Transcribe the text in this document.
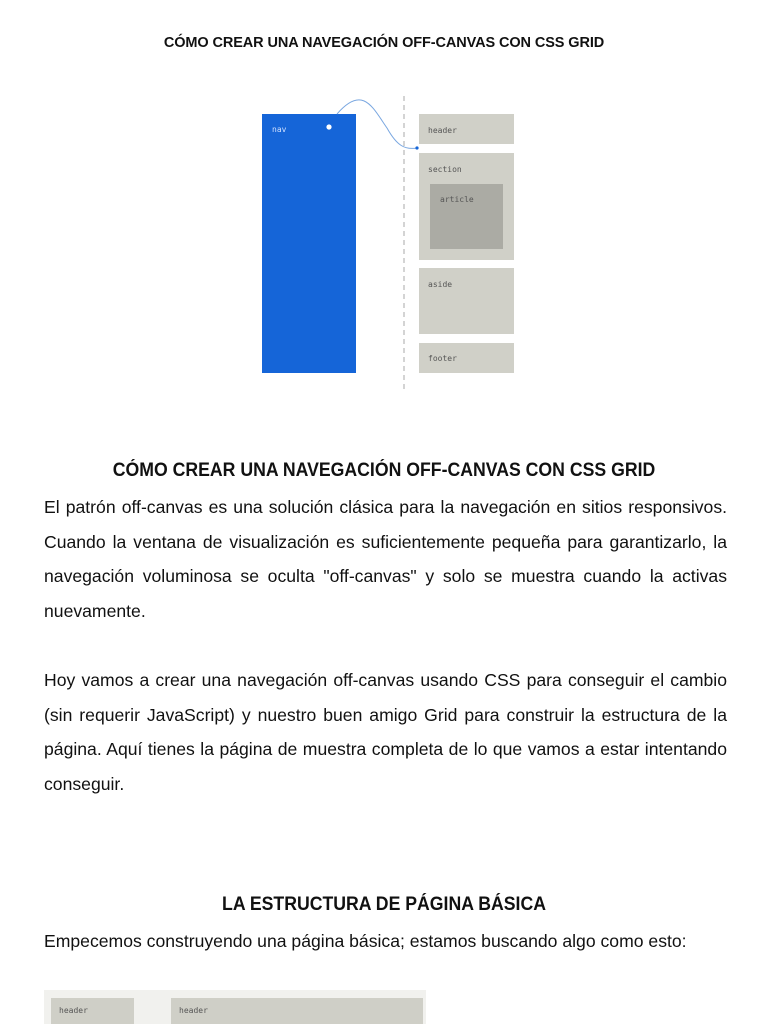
CÓMO CREAR UNA NAVEGACIÓN OFF-CANVAS CON CSS GRID
nav	header
section
article
aside
footer
CÓMO CREAR UNA NAVEGACIÓN OFF-CANVAS CON CSS GRID

El patrón off-canvas es una solución clásica para la navegación en sitios responsivos. Cuando la ventana de visualización es suficientemente pequeña para garantizarlo, la navegación voluminosa se oculta "off-canvas" y solo se muestra cuando la activas nuevamente.

Hoy vamos a crear una navegación off-canvas usando CSS para conseguir el cambio (sin requerir JavaScript) y nuestro buen amigo Grid para construir la estructura de la página. Aquí tienes la página de muestra completa de lo que vamos a estar intentando conseguir.

LA ESTRUCTURA DE PÁGINA BÁSICA

Empecemos construyendo una página básica; estamos buscando algo como esto:

header	header
